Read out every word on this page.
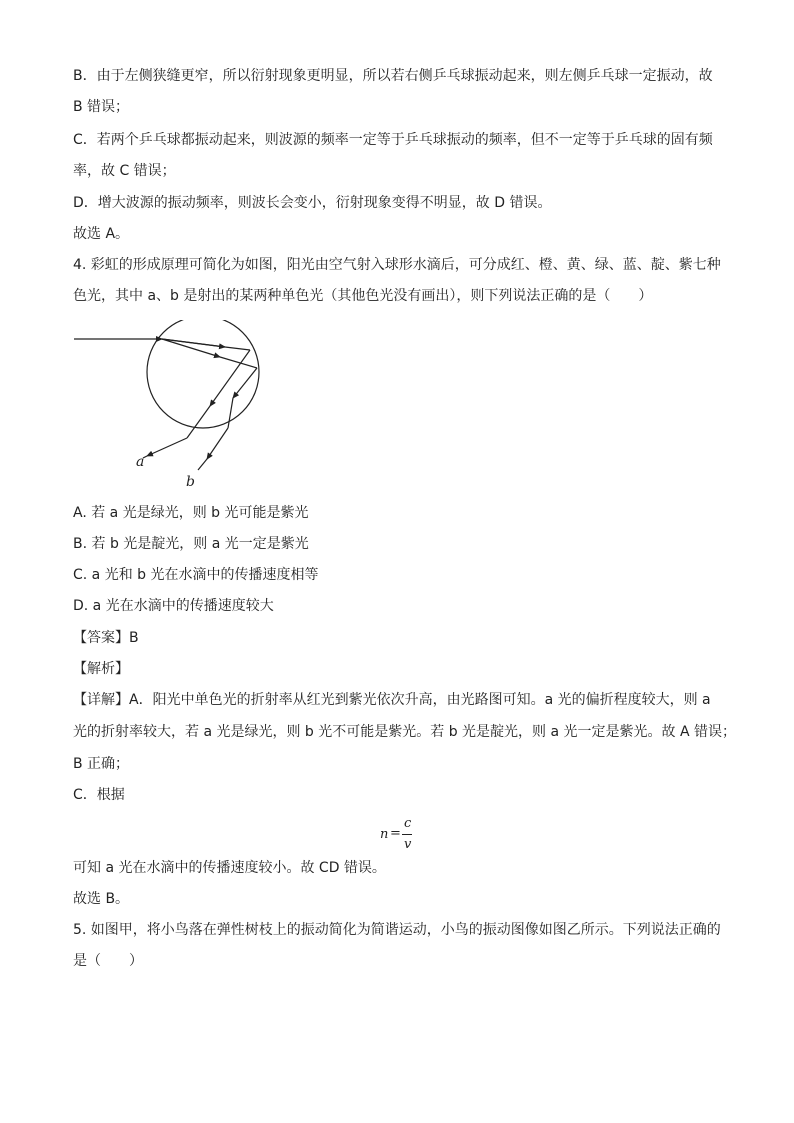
B．由于左侧狭缝更窄，所以衍射现象更明显，所以若右侧乒乓球振动起来，则左侧乒乓球一定振动，故
B 错误；
C．若两个乒乓球都振动起来，则波源的频率一定等于乒乓球振动的频率，但不一定等于乒乓球的固有频
率，故 C 错误；
D．增大波源的振动频率，则波长会变小，衍射现象变得不明显，故 D 错误。
故选 A。
4. 彩虹的形成原理可简化为如图，阳光由空气射入球形水滴后，可分成红、橙、黄、绿、蓝、靛、紫七种
色光，其中 a、b 是射出的某两种单色光（其他色光没有画出），则下列说法正确的是（　　）
a
b
A. 若 a 光是绿光，则 b 光可能是紫光
B. 若 b 光是靛光，则 a 光一定是紫光
C. a 光和 b 光在水滴中的传播速度相等
D. a 光在水滴中的传播速度较大
【答案】B
【解析】
【详解】A．阳光中单色光的折射率从红光到紫光依次升高，由光路图可知。a 光的偏折程度较大，则 a
光的折射率较大，若 a 光是绿光，则 b 光不可能是紫光。若 b 光是靛光，则 a 光一定是紫光。故 A 错误；
B 正确；
C．根据
n =
c
v
可知 a 光在水滴中的传播速度较小。故 CD 错误。
故选 B。
5. 如图甲，将小鸟落在弹性树枝上的振动简化为简谐运动，小鸟的振动图像如图乙所示。下列说法正确的
是（　　）
